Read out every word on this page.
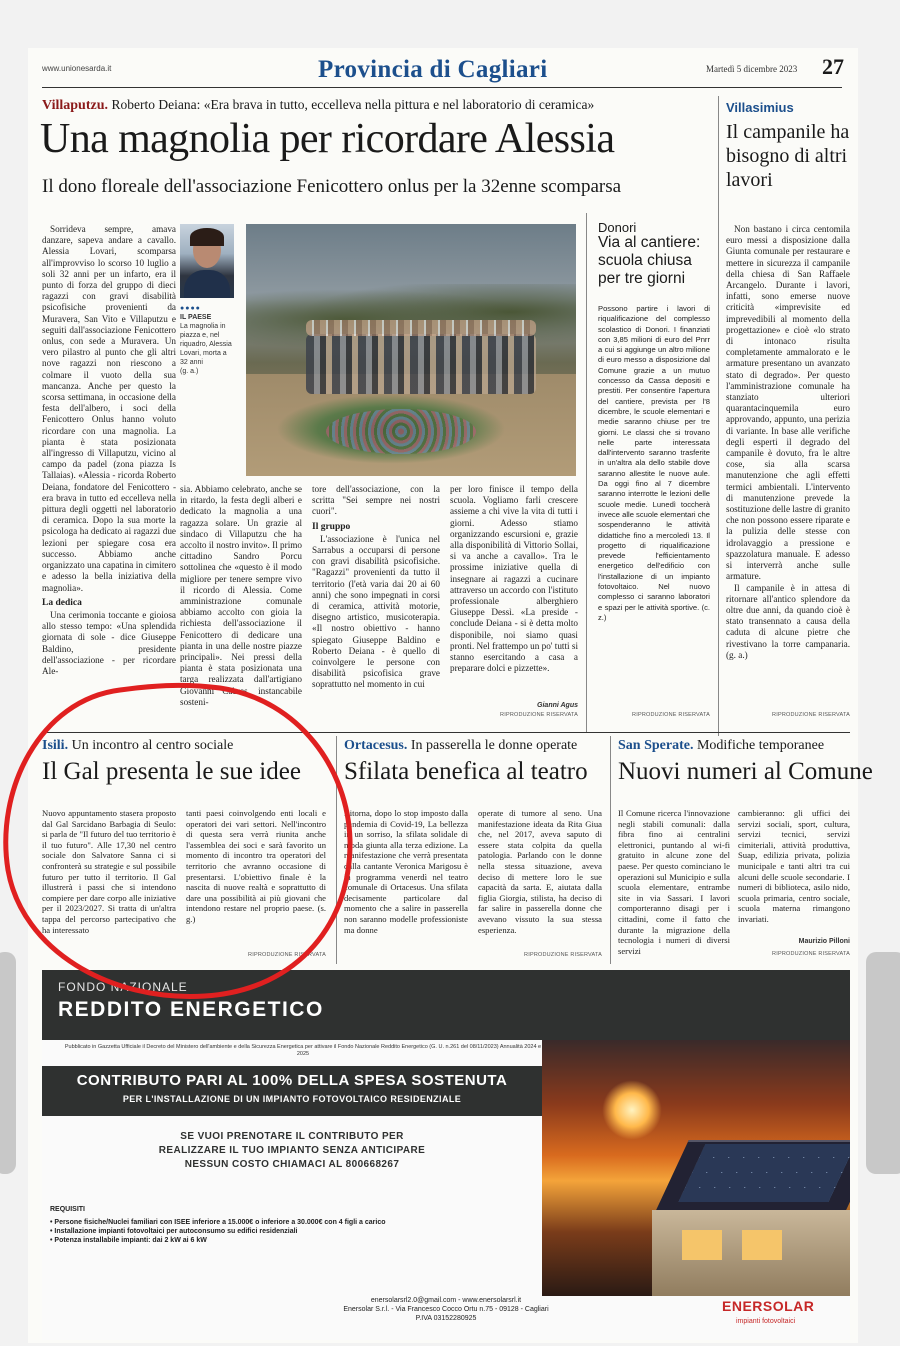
www.unionesarda.it	Provincia di Cagliari	Martedì 5 dicembre 2023 27
Villaputzu. Roberto Deiana: «Era brava in tutto, eccelleva nella pittura e nel laboratorio di ceramica»
Una magnolia per ricordare Alessia
Il dono floreale dell'associazione Fenicottero onlus per la 32enne scomparsa

Sorrideva sempre, amava danzare, sapeva andare a cavallo. Alessia Lovari, scomparsa all'improvviso lo scorso 10 luglio a soli 32 anni per un infarto, era il punto di forza del gruppo di dieci ragazzi con gravi disabilità psicofisiche provenienti da Muravera, San Vito e Villaputzu e seguiti dall'associazione Fenicottero onlus, con sede a Muravera. Un vero pilastro al punto che gli altri nove ragazzi non riescono a colmare il vuoto della sua mancanza. Anche per questo la scorsa settimana, in occasione della festa dell'albero, i soci della Fenicottero Onlus hanno voluto ricordare con una magnolia. La pianta è stata posizionata all'ingresso di Villaputzu, vicino al campo da padel (zona piazza Is Tallaias). «Alessia - ricorda Roberto Deiana, fondatore del Fenicottero - era brava in tutto ed eccelleva nella pittura degli oggetti nel laboratorio di ceramica. Dopo la sua morte la psicologa ha dedicato ai ragazzi due lezioni per spiegare cosa era successo. Abbiamo anche organizzato una capatina in cimitero e adesso la bella iniziativa della magnolia».

La dedica

Una cerimonia toccante e gioiosa allo stesso tempo: «Una splendida giornata di sole - dice Giuseppe Baldino, presidente dell'associazione - per ricordare Ale-

●●●●
IL PAESE
La magnolia in piazza e, nel riquadro, Alessia Lovari, morta a 32 anni
(g. a.)

sia. Abbiamo celebrato, anche se in ritardo, la festa degli alberi e dedicato la magnolia a una ragazza solare. Un grazie al sindaco di Villaputzu che ha accolto il nostro invito». Il primo cittadino Sandro Porcu sottolinea che «questo è il modo migliore per tenere sempre vivo il ricordo di Alessia. Come amministrazione comunale abbiamo accolto con gioia la richiesta dell'associazione il Fenicottero di dedicare una pianta in una delle nostre piazze principali». Nei pressi della pianta è stata posizionata una targa realizzata dall'artigiano Giovanni Cabras, instancabile sosteni-

tore dell'associazione, con la scritta "Sei sempre nei nostri cuori".

Il gruppo

L'associazione è l'unica nel Sarrabus a occuparsi di persone con gravi disabilità psicofisiche. "Ragazzi" provenienti da tutto il territorio (l'età varia dai 20 ai 60 anni) che sono impegnati in corsi di ceramica, attività motorie, disegno artistico, musicoterapia. «Il nostro obiettivo - hanno spiegato Giuseppe Baldino e Roberto Deiana - è quello di coinvolgere le persone con disabilità psicofisica grave soprattutto nel momento in cui

per loro finisce il tempo della scuola. Vogliamo farli crescere assieme a chi vive la vita di tutti i giorni. Adesso stiamo organizzando escursioni e, grazie alla disponibilità di Vittorio Sollai, si va anche a cavallo». Tra le prossime iniziative quella di insegnare ai ragazzi a cucinare attraverso un accordo con l'istituto professionale alberghiero Giuseppe Dessì. «La preside - conclude Deiana - si è detta molto disponibile, noi siamo quasi pronti. Nel frattempo un po' tutti si stanno esercitando a casa a preparare dolci e pizzette».

Gianni Agus
RIPRODUZIONE RISERVATA
Donori
Via al cantiere: scuola chiusa per tre giorni
Possono partire i lavori di riqualificazione del complesso scolastico di Donori. I finanziati con 3,85 milioni di euro del Pnrr a cui si aggiunge un altro milione di euro messo a disposizione dal Comune grazie a un mutuo concesso da Cassa depositi e prestiti. Per consentire l'apertura del cantiere, prevista per l'8 dicembre, le scuole elementari e medie saranno chiuse per tre giorni. Le classi che si trovano nelle parte interessata dall'intervento saranno trasferite in un'altra ala dello stabile dove saranno allestite le nuove aule. Da oggi fino al 7 dicembre saranno interrotte le lezioni delle scuole medie. Lunedì toccherà invece alle scuole elementari che sospenderanno le attività didattiche fino a mercoledì 13. Il progetto di riqualificazione prevede l'efficientamento energetico dell'edificio con l'installazione di un impianto fotovoltaico. Nel nuovo complesso ci saranno laboratori e spazi per le attività sportive. (c. z.)
RIPRODUZIONE RISERVATA
Villasimius
Il campanile ha bisogno di altri lavori

Non bastano i circa centomila euro messi a disposizione dalla Giunta comunale per restaurare e mettere in sicurezza il campanile della chiesa di San Raffaele Arcangelo. Durante i lavori, infatti, sono emerse nuove criticità «imprevisite ed imprevedibili al momento della progettazione» e cioè «lo strato di intonaco risulta completamente ammalorato e le armature presentano un avanzato stato di degrado». Per questo l'amministrazione comunale ha stanziato ulteriori quarantacinquemila euro approvando, appunto, una perizia di variante. In base alle verifiche degli esperti il degrado del campanile è dovuto, fra le altre cose, sia alla scarsa manutenzione che agli effetti termici ambientali. L'intervento di manutenzione prevede la sostituzione delle lastre di granito che non possono essere riparate e la pulizia delle stesse con idrolavaggio a pressione e spazzolatura manuale. E adesso si interverrà anche sulle armature.

Il campanile è in attesa di ritornare all'antico splendore da oltre due anni, da quando cioè è stato transennato a causa della caduta di alcune pietre che rivestivano la torre campanaria. (g. a.)

RIPRODUZIONE RISERVATA
Isili. Un incontro al centro sociale
Il Gal presenta le sue idee

Nuovo appuntamento stasera proposto dal Gal Sarcidano Barbagia di Seulo: si parla de "Il futuro del tuo territorio è il tuo futuro". Alle 17,30 nel centro sociale don Salvatore Sanna ci si confronterà su strategie e sul possibile futuro per tutto il territorio. Il Gal illustrerà i passi che si intendono compiere per dare corpo alle iniziative per il 2023/2027. Si tratta di un'altra tappa del percorso partecipativo che ha interessato

tanti paesi coinvolgendo enti locali e operatori dei vari settori. Nell'incontro di questa sera verrà riunita anche l'assemblea dei soci e sarà favorito un momento di incontro tra operatori del territorio che avranno occasione di presentarsi. L'obiettivo finale è la nascita di nuove realtà e soprattutto di dare una possibilità ai più giovani che intendono restare nel proprio paese. (s. g.)

RIPRODUZIONE RISERVATA
Ortacesus. In passerella le donne operate
Sfilata benefica al teatro

Ritorna, dopo lo stop imposto dalla pandemia di Covid-19, La bellezza in un sorriso, la sfilata solidale di moda giunta alla terza edizione. La manifestazione che verrà presentata dalla cantante Veronica Marigosu è in programma venerdì nel teatro comunale di Ortacesus. Una sfilata decisamente particolare dal momento che a salire in passerella non saranno modelle professioniste ma donne

operate di tumore al seno. Una manifestazione ideata da Rita Giua che, nel 2017, aveva saputo di essere stata colpita da quella patologia. Parlando con le donne nella stessa situazione, aveva deciso di mettere loro le sue capacità da sarta. E, aiutata dalla figlia Giorgia, stilista, ha deciso di far salire in passerella donne che avevano vissuto la sua stessa esperienza.

RIPRODUZIONE RISERVATA
San Sperate. Modifiche temporanee
Nuovi numeri al Comune

Il Comune ricerca l'innovazione negli stabili comunali: dalla fibra fino ai centralini elettronici, puntando al wi-fi gratuito in alcune zone del paese. Per questo cominciano le operazioni sul Municipio e sulla scuola elementare, entrambe site in via Sassari. I lavori comporteranno disagi per i cittadini, come il fatto che durante la migrazione della tecnologia i numeri di diversi servizi

cambieranno: gli uffici dei servizi sociali, sport, cultura, servizi tecnici, servizi cimiteriali, attività produttiva, Suap, edilizia privata, polizia municipale e tanti altri tra cui alcuni delle scuole secondarie. I numeri di biblioteca, asilo nido, scuola primaria, centro sociale, scuola materna rimangono invariati.

Maurizio Pilloni
RIPRODUZIONE RISERVATA
FONDO NAZIONALE
REDDITO ENERGETICO
Pubblicato in Gazzetta Ufficiale il Decreto del Ministero dell'ambiente e della Sicurezza Energetica per attivare il Fondo Nazionale Reddito Energetico (G. U. n.261 del 08/11/2023) Annualità 2024 e 2025
CONTRIBUTO PARI AL 100% DELLA SPESA SOSTENUTA
PER L'INSTALLAZIONE DI UN IMPIANTO FOTOVOLTAICO RESIDENZIALE
SE VUOI PRENOTARE IL CONTRIBUTO PER
REALIZZARE IL TUO IMPIANTO SENZA ANTICIPARE
NESSUN COSTO CHIAMACI AL 800668267
REQUISITI
• Persone fisiche/Nuclei familiari con ISEE inferiore a 15.000€ o inferiore a 30.000€ con 4 figli a carico
• Installazione impianti fotovoltaici per autoconsumo su edifici residenziali
• Potenza installabile impianti: dai 2 kW ai 6 kW
enersolarsrl2.0@gmail.com - www.enersolarsrl.it
Enersolar S.r.l. - Via Francesco Cocco Ortu n.75 - 09128 - Cagliari
P.IVA 03152280925
ENERSOLAR
impianti fotovoltaici
